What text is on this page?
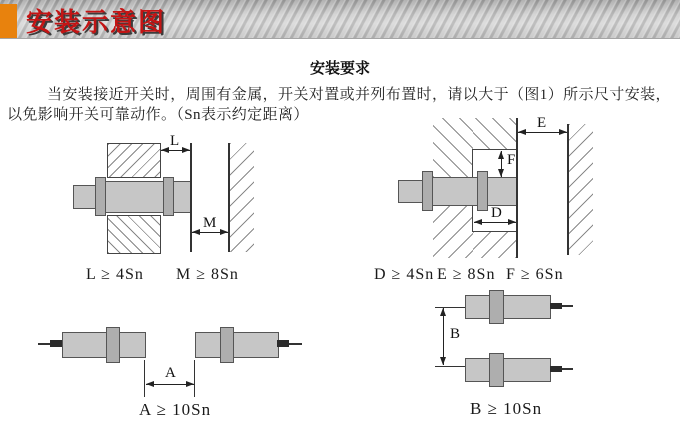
安装示意图
安装要求

当安装接近开关时，周围有金属，开关对置或并列布置时，请以大于（图1）所示尺寸安装，

以免影响开关可靠动作。（Sn表示约定距离）

L
M
L ≥ 4Sn M ≥ 8Sn
E
F
D
D ≥ 4Sn E ≥ 8Sn F ≥ 6Sn
A
A ≥ 10Sn
B
B ≥ 10Sn
